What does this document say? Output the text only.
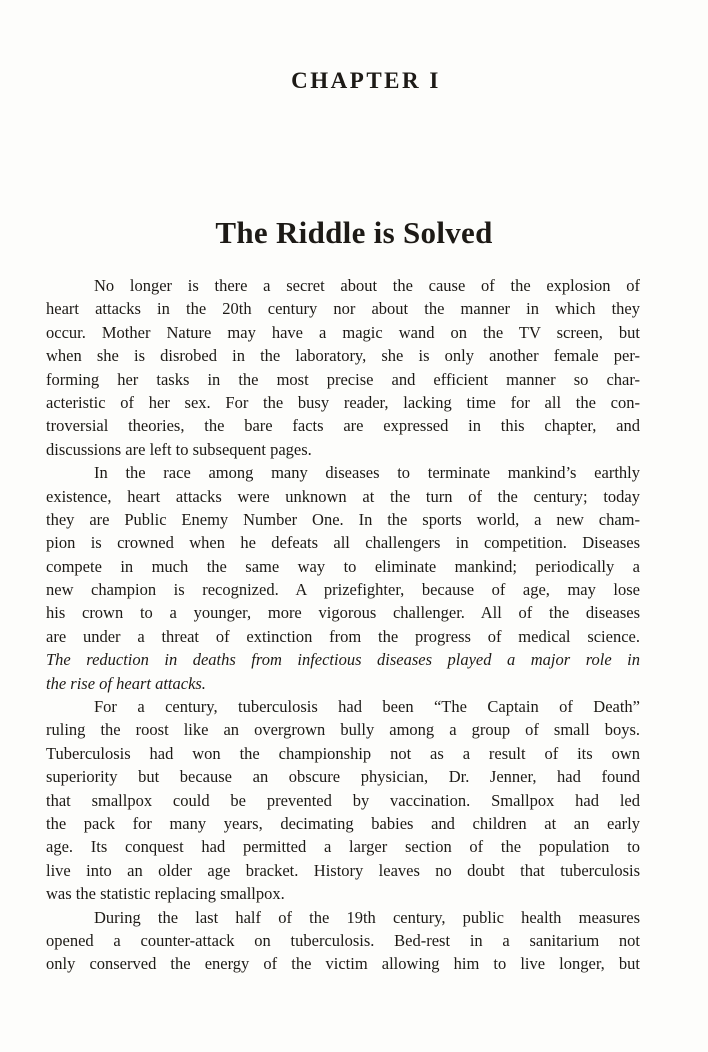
CHAPTER I
The Riddle is Solved
No longer is there a secret about the cause of the explosion of
heart attacks in the 20th century nor about the manner in which they
occur. Mother Nature may have a magic wand on the TV screen, but
when she is disrobed in the laboratory, she is only another female per-
forming her tasks in the most precise and efficient manner so char-
acteristic of her sex. For the busy reader, lacking time for all the con-
troversial theories, the bare facts are expressed in this chapter, and
discussions are left to subsequent pages.
In the race among many diseases to terminate mankind’s earthly
existence, heart attacks were unknown at the turn of the century; today
they are Public Enemy Number One. In the sports world, a new cham-
pion is crowned when he defeats all challengers in competition. Diseases
compete in much the same way to eliminate mankind; periodically a
new champion is recognized. A prizefighter, because of age, may lose
his crown to a younger, more vigorous challenger. All of the diseases
are under a threat of extinction from the progress of medical science.
The reduction in deaths from infectious diseases played a major role in
the rise of heart attacks.
For a century, tuberculosis had been “The Captain of Death”
ruling the roost like an overgrown bully among a group of small boys.
Tuberculosis had won the championship not as a result of its own
superiority but because an obscure physician, Dr. Jenner, had found
that smallpox could be prevented by vaccination. Smallpox had led
the pack for many years, decimating babies and children at an early
age. Its conquest had permitted a larger section of the population to
live into an older age bracket. History leaves no doubt that tuberculosis
was the statistic replacing smallpox.
During the last half of the 19th century, public health measures
opened a counter-attack on tuberculosis. Bed-rest in a sanitarium not
only conserved the energy of the victim allowing him to live longer, but
